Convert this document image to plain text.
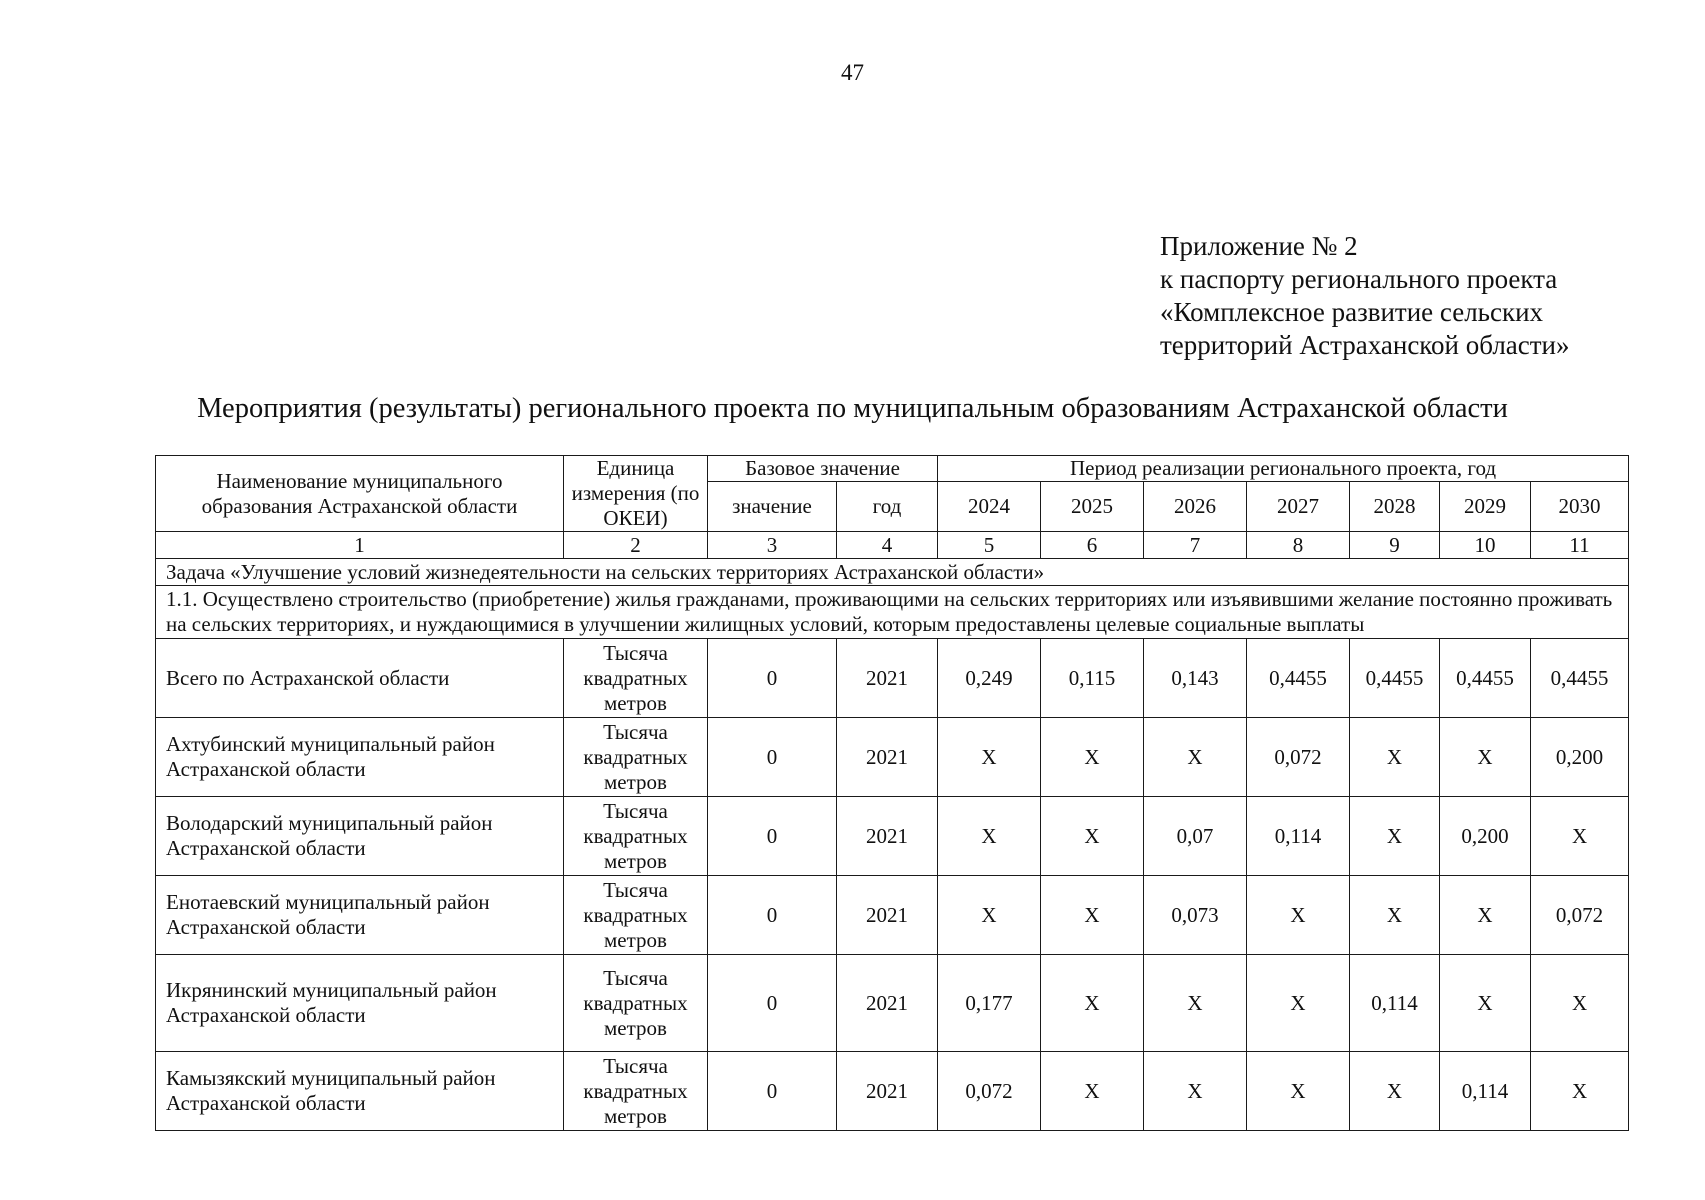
47
Приложение № 2
к паспорту регионального проекта
«Комплексное развитие сельских
территорий Астраханской области»
Мероприятия (результаты) регионального проекта по муниципальным образованиям Астраханской области
Наименование муниципального образования Астраханской области	Единица измерения (по ОКЕИ)	Базовое значение		Период реализации регионального проекта, год						
		значение	год	2024	2025	2026	2027	2028	2029	2030
1	2	3	4	5	6	7	8	9	10	11
Задача «Улучшение условий жизнедеятельности на сельских территориях Астраханской области»										
1.1. Осуществлено строительство (приобретение) жилья гражданами, проживающими на сельских территориях или изъявившими желание постоянно проживать на сельских территориях, и нуждающимися в улучшении жилищных условий, которым предоставлены целевые социальные выплаты										
Всего по Астраханской области	Тысяча квадратных метров	0	2021	0,249	0,115	0,143	0,4455	0,4455	0,4455	0,4455
Ахтубинский муниципальный район Астраханской области	Тысяча квадратных метров	0	2021	X	X	X	0,072	X	X	0,200
Володарский муниципальный район Астраханской области	Тысяча квадратных метров	0	2021	X	X	0,07	0,114	X	0,200	X
Енотаевский муниципальный район Астраханской области	Тысяча квадратных метров	0	2021	X	X	0,073	X	X	X	0,072
Икрянинский муниципальный район Астраханской области	Тысяча квадратных метров	0	2021	0,177	X	X	X	0,114	X	X
Камызякский муниципальный район Астраханской области	Тысяча квадратных метров	0	2021	0,072	X	X	X	X	0,114	X
